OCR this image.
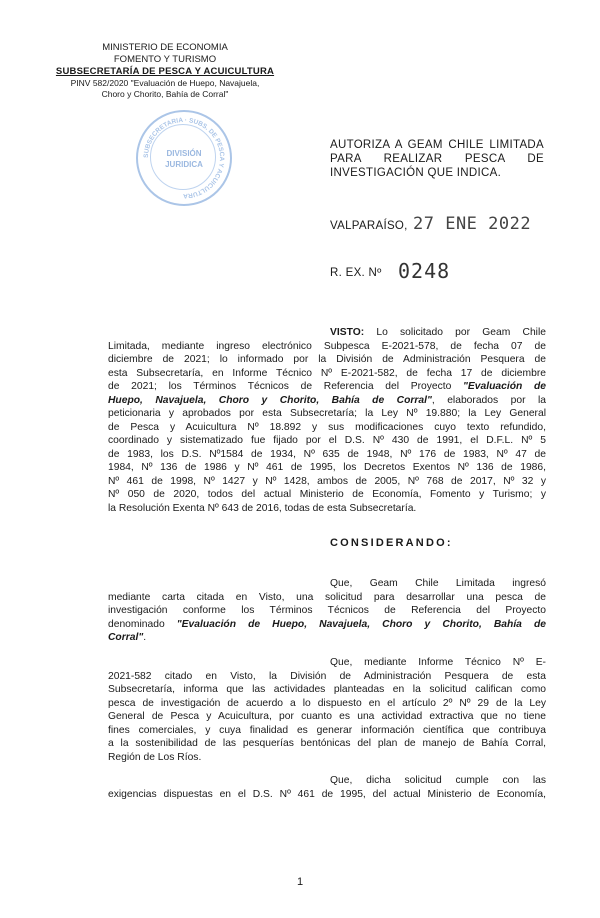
MINISTERIO DE ECONOMIA
FOMENTO Y TURISMO
SUBSECRETARÍA DE PESCA Y ACUICULTURA
PINV 582/2020 "Evaluación de Huepo, Navajuela,
Choro y Chorito, Bahía de Corral"
SUBSECRETARIA · SUBS. DE PESCA Y ACUICULTURA
DIVISIÓN
JURIDICA
AUTORIZA A GEAM CHILE LIMITADA
PARA REALIZAR PESCA DE
INVESTIGACIÓN QUE INDICA.
VALPARAÍSO, 27 ENE 2022
R. EX. Nº 0248
VISTO: Lo solicitado por Geam Chile
Limitada, mediante ingreso electrónico Subpesca E-2021-578, de fecha 07 de
diciembre de 2021; lo informado por la División de Administración Pesquera de
esta Subsecretaría, en Informe Técnico Nº E-2021-582, de fecha 17 de diciembre
de 2021; los Términos Técnicos de Referencia del Proyecto "Evaluación de
Huepo, Navajuela, Choro y Chorito, Bahía de Corral", elaborados por la
peticionaria y aprobados por esta Subsecretaría; la Ley Nº 19.880; la Ley General
de Pesca y Acuicultura Nº 18.892 y sus modificaciones cuyo texto refundido,
coordinado y sistematizado fue fijado por el D.S. Nº 430 de 1991, el D.F.L. Nº 5
de 1983, los D.S. Nº1584 de 1934, Nº 635 de 1948, Nº 176 de 1983, Nº 47 de
1984, Nº 136 de 1986 y Nº 461 de 1995, los Decretos Exentos Nº 136 de 1986,
Nº 461 de 1998, Nº 1427 y Nº 1428, ambos de 2005, Nº 768 de 2017, Nº 32 y
Nº 050 de 2020, todos del actual Ministerio de Economía, Fomento y Turismo; y
la Resolución Exenta Nº 643 de 2016, todas de esta Subsecretaría.
CONSIDERANDO:
Que, Geam Chile Limitada ingresó
mediante carta citada en Visto, una solicitud para desarrollar una pesca de
investigación conforme los Términos Técnicos de Referencia del Proyecto
denominado "Evaluación de Huepo, Navajuela, Choro y Chorito, Bahía de
Corral".
Que, mediante Informe Técnico Nº E-
2021-582 citado en Visto, la División de Administración Pesquera de esta
Subsecretaría, informa que las actividades planteadas en la solicitud califican como
pesca de investigación de acuerdo a lo dispuesto en el artículo 2º Nº 29 de la Ley
General de Pesca y Acuicultura, por cuanto es una actividad extractiva que no tiene
fines comerciales, y cuya finalidad es generar información científica que contribuya
a la sostenibilidad de las pesquerías bentónicas del plan de manejo de Bahía Corral,
Región de Los Ríos.
Que, dicha solicitud cumple con las
exigencias dispuestas en el D.S. Nº 461 de 1995, del actual Ministerio de Economía,
1
